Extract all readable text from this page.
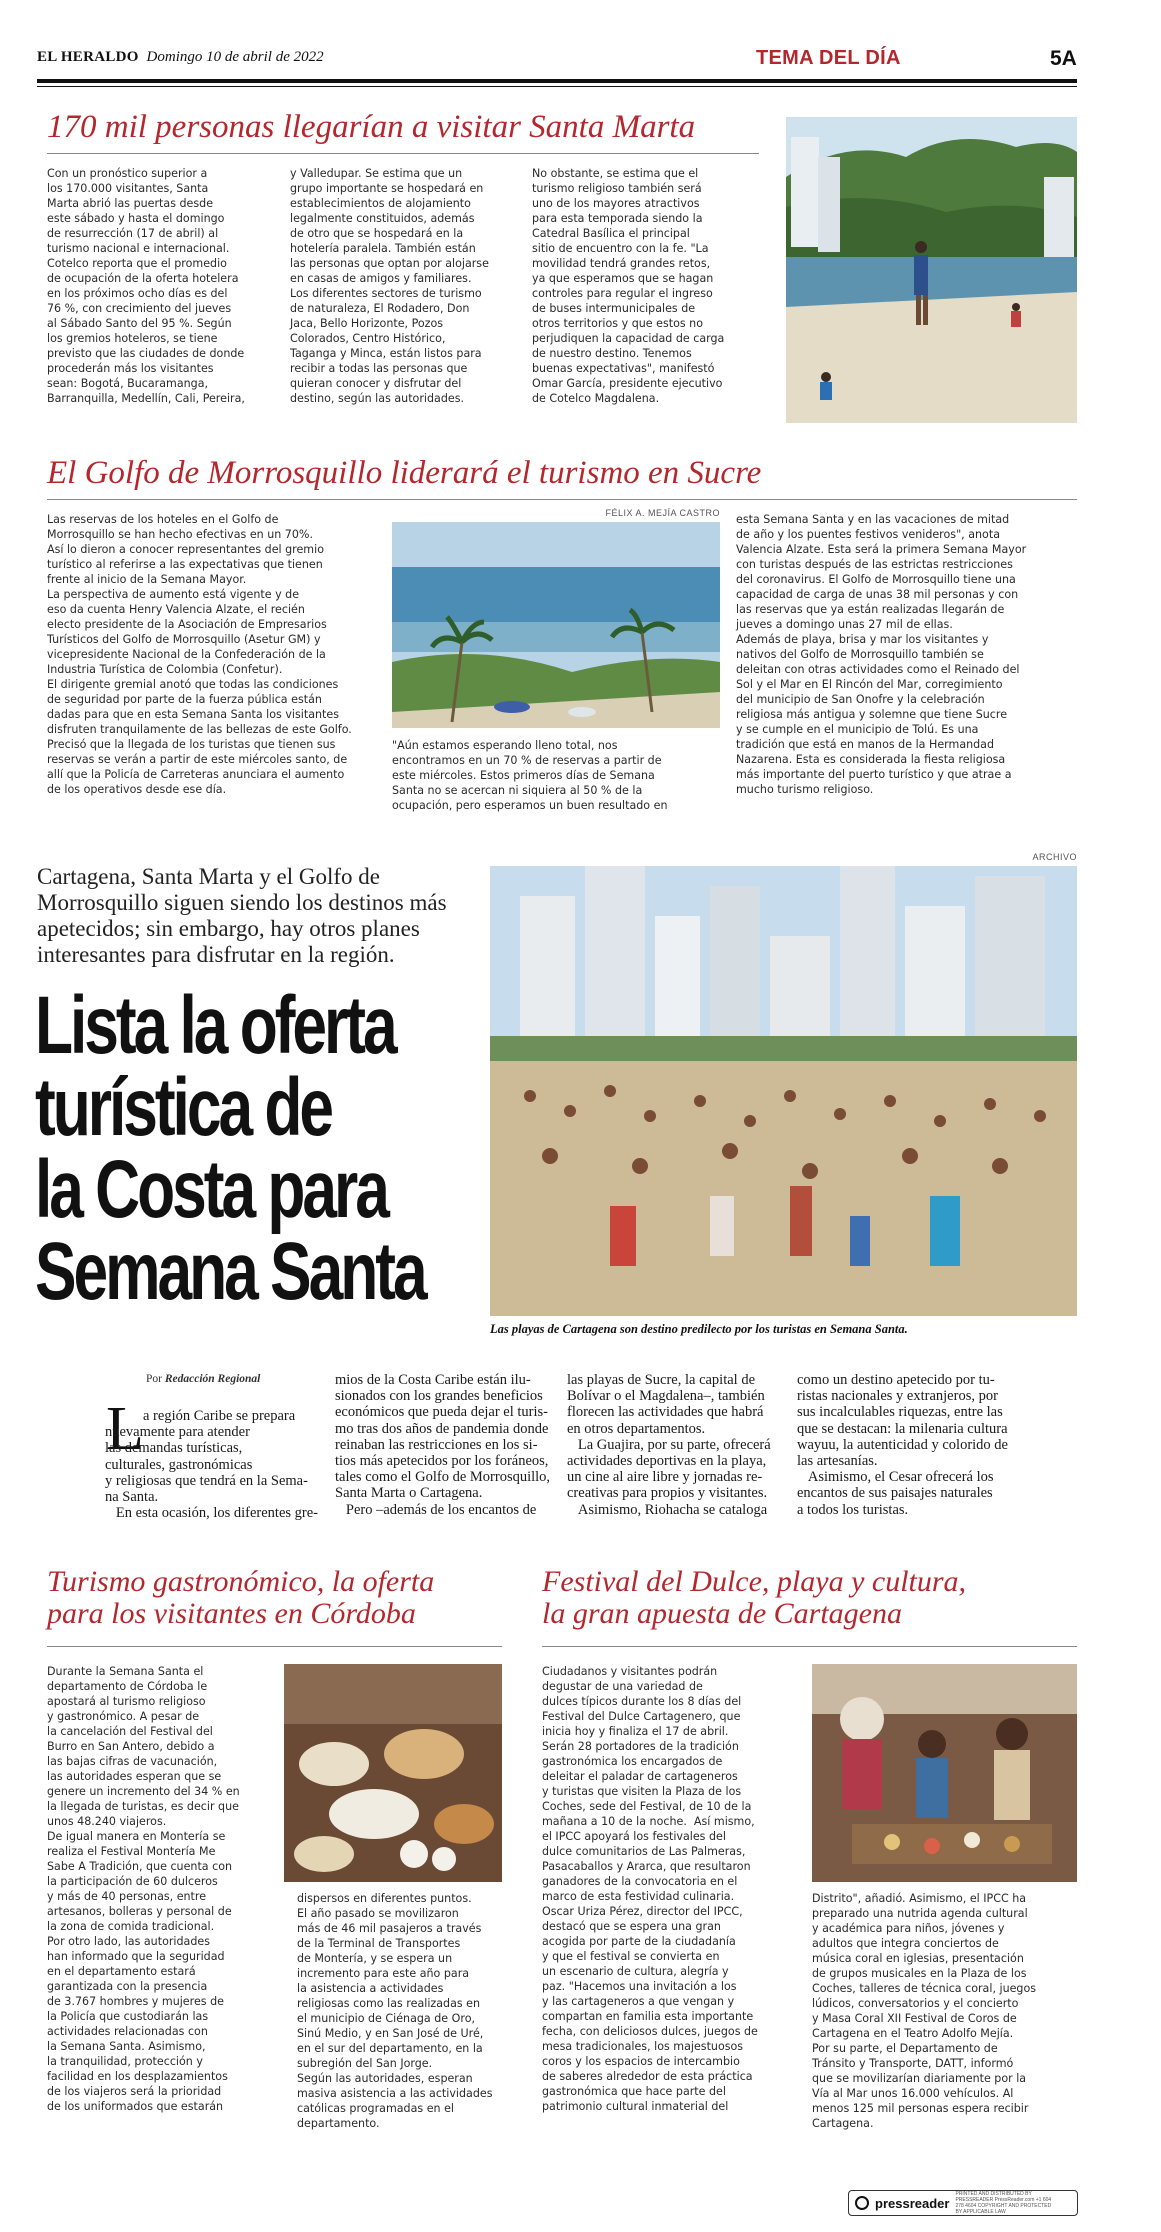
EL HERALDO Domingo 10 de abril de 2022	TEMA DEL DÍA	5A
170 mil personas llegarían a visitar Santa Marta

Con un pronóstico superior a
los 170.000 visitantes, Santa
Marta abrió las puertas desde
este sábado y hasta el domingo
de resurrección (17 de abril) al
turismo nacional e internacional.
Cotelco reporta que el promedio
de ocupación de la oferta hotelera
en los próximos ocho días es del
76 %, con crecimiento del jueves
al Sábado Santo del 95 %. Según
los gremios hoteleros, se tiene
previsto que las ciudades de donde
procederán más los visitantes
sean: Bogotá, Bucaramanga,
Barranquilla, Medellín, Cali, Pereira,

y Valledupar. Se estima que un
grupo importante se hospedará en
establecimientos de alojamiento
legalmente constituidos, además
de otro que se hospedará en la
hotelería paralela. También están
las personas que optan por alojarse
en casas de amigos y familiares.
Los diferentes sectores de turismo
de naturaleza, El Rodadero, Don
Jaca, Bello Horizonte, Pozos
Colorados, Centro Histórico,
Taganga y Minca, están listos para
recibir a todas las personas que
quieran conocer y disfrutar del
destino, según las autoridades.

No obstante, se estima que el
turismo religioso también será
uno de los mayores atractivos
para esta temporada siendo la
Catedral Basílica el principal
sitio de encuentro con la fe. "La
movilidad tendrá grandes retos,
ya que esperamos que se hagan
controles para regular el ingreso
de buses intermunicipales de
otros territorios y que estos no
perjudiquen la capacidad de carga
de nuestro destino. Tenemos
buenas expectativas", manifestó
Omar García, presidente ejecutivo
de Cotelco Magdalena.

El Golfo de Morrosquillo liderará el turismo en Sucre

Las reservas de los hoteles en el Golfo de
Morrosquillo se han hecho efectivas en un 70%.
Así lo dieron a conocer representantes del gremio
turístico al referirse a las expectativas que tienen
frente al inicio de la Semana Mayor.
La perspectiva de aumento está vigente y de
eso da cuenta Henry Valencia Alzate, el recién
electo presidente de la Asociación de Empresarios
Turísticos del Golfo de Morrosquillo (Asetur GM) y
vicepresidente Nacional de la Confederación de la
Industria Turística de Colombia (Confetur).
El dirigente gremial anotó que todas las condiciones
de seguridad por parte de la fuerza pública están
dadas para que en esta Semana Santa los visitantes
disfruten tranquilamente de las bellezas de este Golfo.
Precisó que la llegada de los turistas que tienen sus
reservas se verán a partir de este miércoles santo, de
allí que la Policía de Carreteras anunciara el aumento
de los operativos desde ese día.

FÉLIX A. MEJÍA CASTRO

"Aún estamos esperando lleno total, nos
encontramos en un 70 % de reservas a partir de
este miércoles. Estos primeros días de Semana
Santa no se acercan ni siquiera al 50 % de la
ocupación, pero esperamos un buen resultado en

esta Semana Santa y en las vacaciones de mitad
de año y los puentes festivos venideros", anota
Valencia Alzate. Esta será la primera Semana Mayor
con turistas después de las estrictas restricciones
del coronavirus. El Golfo de Morrosquillo tiene una
capacidad de carga de unas 38 mil personas y con
las reservas que ya están realizadas llegarán de
jueves a domingo unas 27 mil de ellas.
Además de playa, brisa y mar los visitantes y
nativos del Golfo de Morrosquillo también se
deleitan con otras actividades como el Reinado del
Sol y el Mar en El Rincón del Mar, corregimiento
del municipio de San Onofre y la celebración
religiosa más antigua y solemne que tiene Sucre
y se cumple en el municipio de Tolú. Es una
tradición que está en manos de la Hermandad
Nazarena. Esta es considerada la fiesta religiosa
más importante del puerto turístico y que atrae a
mucho turismo religioso.

Cartagena, Santa Marta y el Golfo de Morrosquillo siguen siendo los destinos más apetecidos; sin embargo, hay otros planes interesantes para disfrutar en la región.
Lista la oferta
turística de
la Costa para
Semana Santa
ARCHIVO
Las playas de Cartagena son destino predilecto por los turistas en Semana Santa.
Por Redacción Regional
L a región Caribe se prepara
nuevamente para atender
las demandas turísticas,
culturales, gastronómicas
y religiosas que tendrá en la Sema-
na Santa.
En esta ocasión, los diferentes gre-

mios de la Costa Caribe están ilu-
sionados con los grandes beneficios
económicos que pueda dejar el turis-
mo tras dos años de pandemia donde
reinaban las restricciones en los si-
tios más apetecidos por los foráneos,
tales como el Golfo de Morrosquillo,
Santa Marta o Cartagena.
Pero –además de los encantos de

las playas de Sucre, la capital de
Bolívar o el Magdalena–, también
florecen las actividades que habrá
en otros departamentos.
La Guajira, por su parte, ofrecerá
actividades deportivas en la playa,
un cine al aire libre y jornadas re-
creativas para propios y visitantes.
Asimismo, Riohacha se cataloga

como un destino apetecido por tu-
ristas nacionales y extranjeros, por
sus incalculables riquezas, entre las
que se destacan: la milenaria cultura
wayuu, la autenticidad y colorido de
las artesanías.
Asimismo, el Cesar ofrecerá los
encantos de sus paisajes naturales
a todos los turistas.

Turismo gastronómico, la oferta
para los visitantes en Córdoba

Durante la Semana Santa el
departamento de Córdoba le
apostará al turismo religioso
y gastronómico. A pesar de
la cancelación del Festival del
Burro en San Antero, debido a
las bajas cifras de vacunación,
las autoridades esperan que se
genere un incremento del 34 % en
la llegada de turistas, es decir que
unos 48.240 viajeros.
De igual manera en Montería se
realiza el Festival Montería Me
Sabe A Tradición, que cuenta con
la participación de 60 dulceros
y más de 40 personas, entre
artesanos, bolleras y personal de
la zona de comida tradicional.
Por otro lado, las autoridades
han informado que la seguridad
en el departamento estará
garantizada con la presencia
de 3.767 hombres y mujeres de
la Policía que custodiarán las
actividades relacionadas con
la Semana Santa. Asimismo,
la tranquilidad, protección y
facilidad en los desplazamientos
de los viajeros será la prioridad
de los uniformados que estarán

dispersos en diferentes puntos.
El año pasado se movilizaron
más de 46 mil pasajeros a través
de la Terminal de Transportes
de Montería, y se espera un
incremento para este año para
la asistencia a actividades
religiosas como las realizadas en
el municipio de Ciénaga de Oro,
Sinú Medio, y en San José de Uré,
en el sur del departamento, en la
subregión del San Jorge.
Según las autoridades, esperan
masiva asistencia a las actividades
católicas programadas en el
departamento.

Festival del Dulce, playa y cultura,
la gran apuesta de Cartagena

Ciudadanos y visitantes podrán
degustar de una variedad de
dulces típicos durante los 8 días del
Festival del Dulce Cartagenero, que
inicia hoy y finaliza el 17 de abril.
Serán 28 portadores de la tradición
gastronómica los encargados de
deleitar el paladar de cartageneros
y turistas que visiten la Plaza de los
Coches, sede del Festival, de 10 de la
mañana a 10 de la noche.  Así mismo,
el IPCC apoyará los festivales del
dulce comunitarios de Las Palmeras,
Pasacaballos y Ararca, que resultaron
ganadores de la convocatoria en el
marco de esta festividad culinaria.
Oscar Uriza Pérez, director del IPCC,
destacó que se espera una gran
acogida por parte de la ciudadanía
y que el festival se convierta en
un escenario de cultura, alegría y
paz. "Hacemos una invitación a los
y las cartageneros a que vengan y
compartan en familia esta importante
fecha, con deliciosos dulces, juegos de
mesa tradicionales, los majestuosos
coros y los espacios de intercambio
de saberes alrededor de esta práctica
gastronómica que hace parte del
patrimonio cultural inmaterial del

Distrito", añadió. Asimismo, el IPCC ha
preparado una nutrida agenda cultural
y académica para niños, jóvenes y
adultos que integra conciertos de
música coral en iglesias, presentación
de grupos musicales en la Plaza de los
Coches, talleres de técnica coral, juegos
lúdicos, conversatorios y el concierto
y Masa Coral XII Festival de Coros de
Cartagena en el Teatro Adolfo Mejía.
Por su parte, el Departamento de
Tránsito y Transporte, DATT, informó
que se movilizarían diariamente por la
Vía al Mar unos 16.000 vehículos. Al
menos 125 mil personas espera recibir
Cartagena.

pressreader
PRINTED AND DISTRIBUTED BY PRESSREADER PressReader.com +1 604 278 4604 COPYRIGHT AND PROTECTED BY APPLICABLE LAW
